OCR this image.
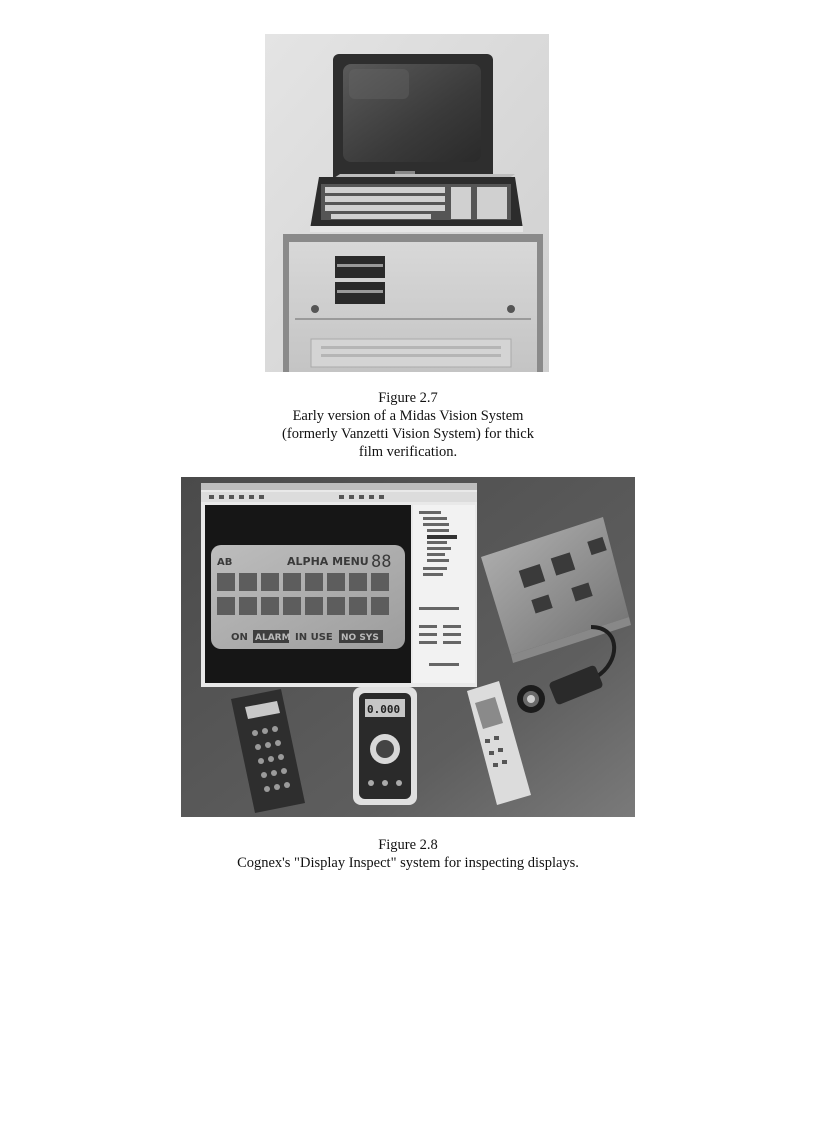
Figure 2.7
Early version of a Midas Vision System
(formerly Vanzetti Vision System) for thick
film verification.
AB	ALPHA MENU 88
ON ALARM IN USE NO SYS
0.000
Figure 2.8
Cognex's "Display Inspect" system for inspecting displays.
